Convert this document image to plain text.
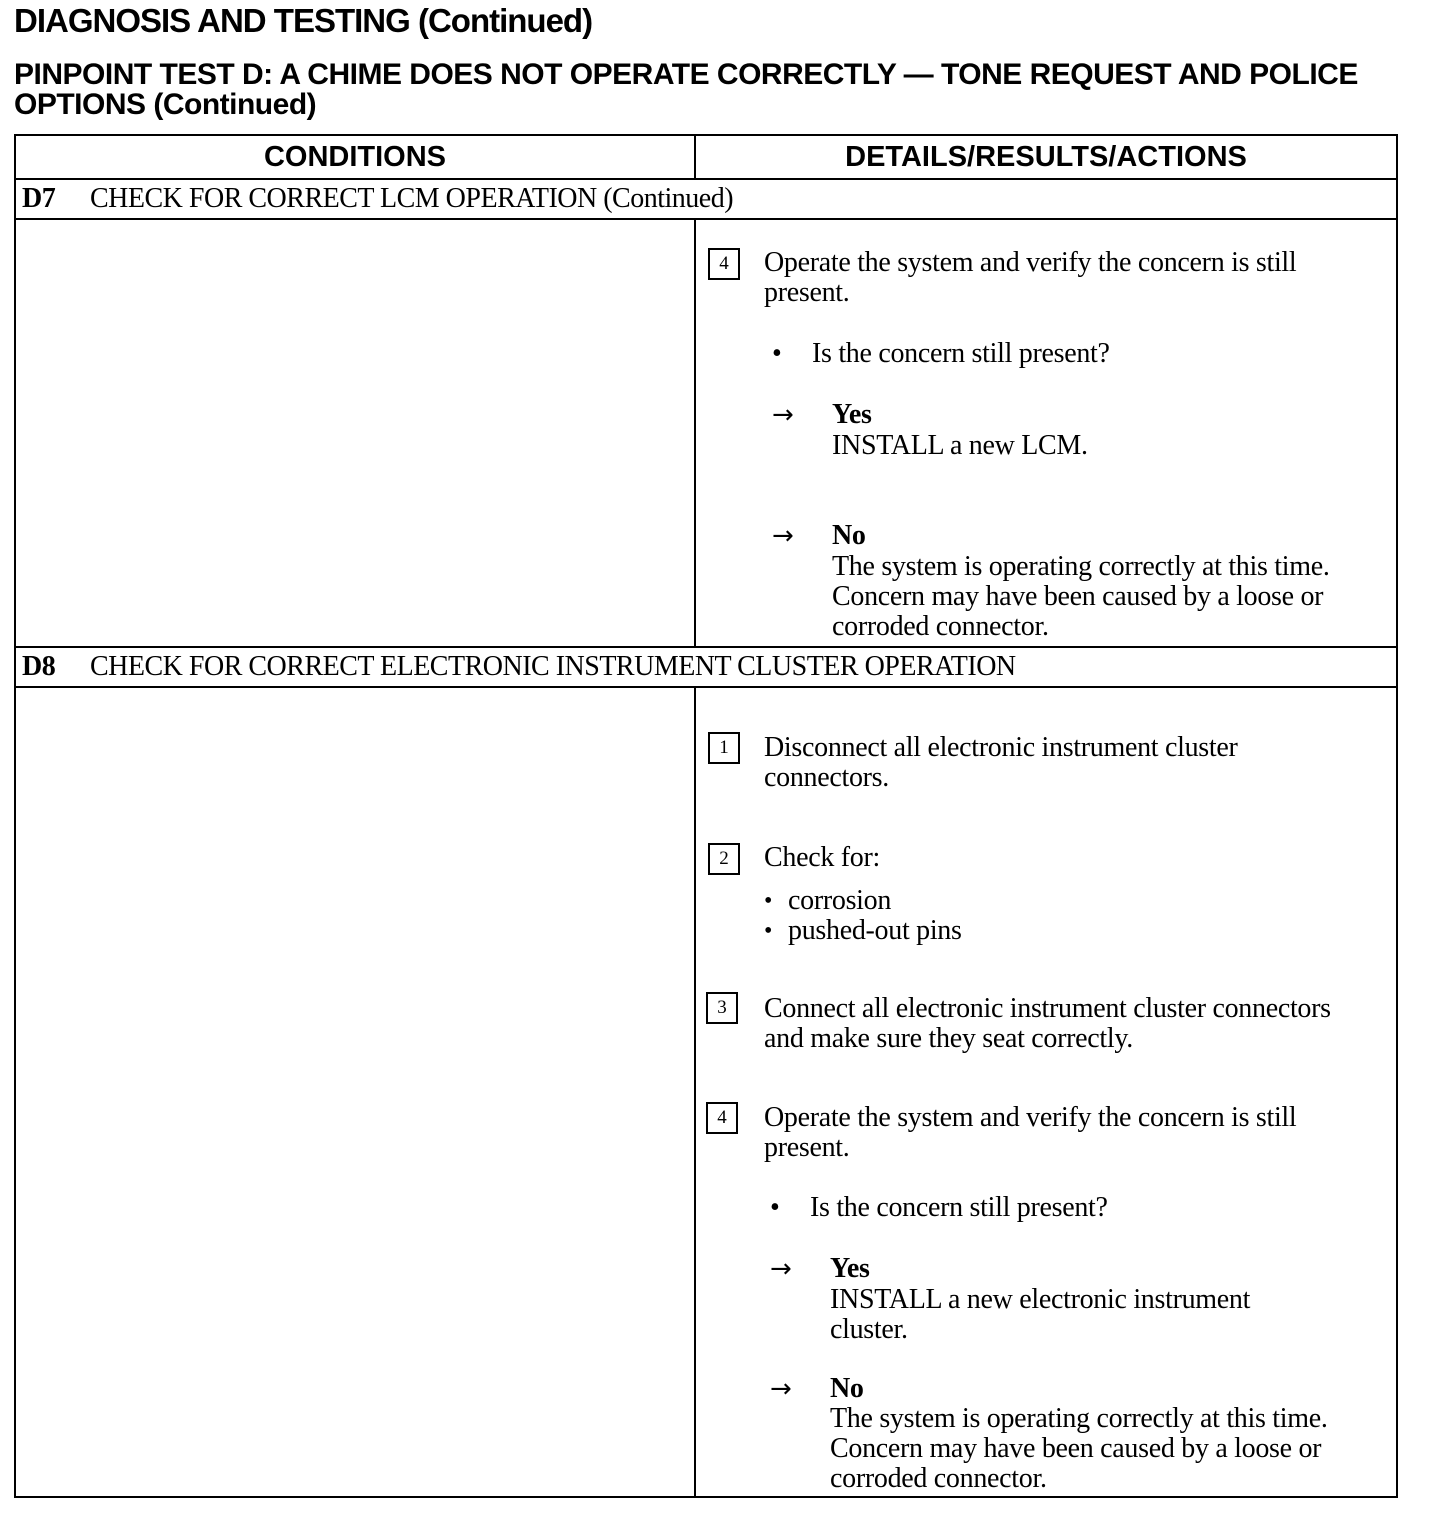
DIAGNOSIS AND TESTING (Continued)
PINPOINT TEST D: A CHIME DOES NOT OPERATE CORRECTLY — TONE REQUEST AND POLICE OPTIONS (Continued)
CONDITIONS	DETAILS/RESULTS/ACTIONS
D7 CHECK FOR CORRECT LCM OPERATION (Continued)
4	Operate the system and verify the concern is still present.
• Is the concern still present?
→ Yes
INSTALL a new LCM.
→ No
The system is operating correctly at this time. Concern may have been caused by a loose or corroded connector.
D8 CHECK FOR CORRECT ELECTRONIC INSTRUMENT CLUSTER OPERATION
1	Disconnect all electronic instrument cluster connectors.
2	Check for:
• corrosion
• pushed-out pins
3	Connect all electronic instrument cluster connectors and make sure they seat correctly.
4	Operate the system and verify the concern is still present.
• Is the concern still present?
→ Yes
INSTALL a new electronic instrument cluster.
→ No
The system is operating correctly at this time. Concern may have been caused by a loose or corroded connector.
